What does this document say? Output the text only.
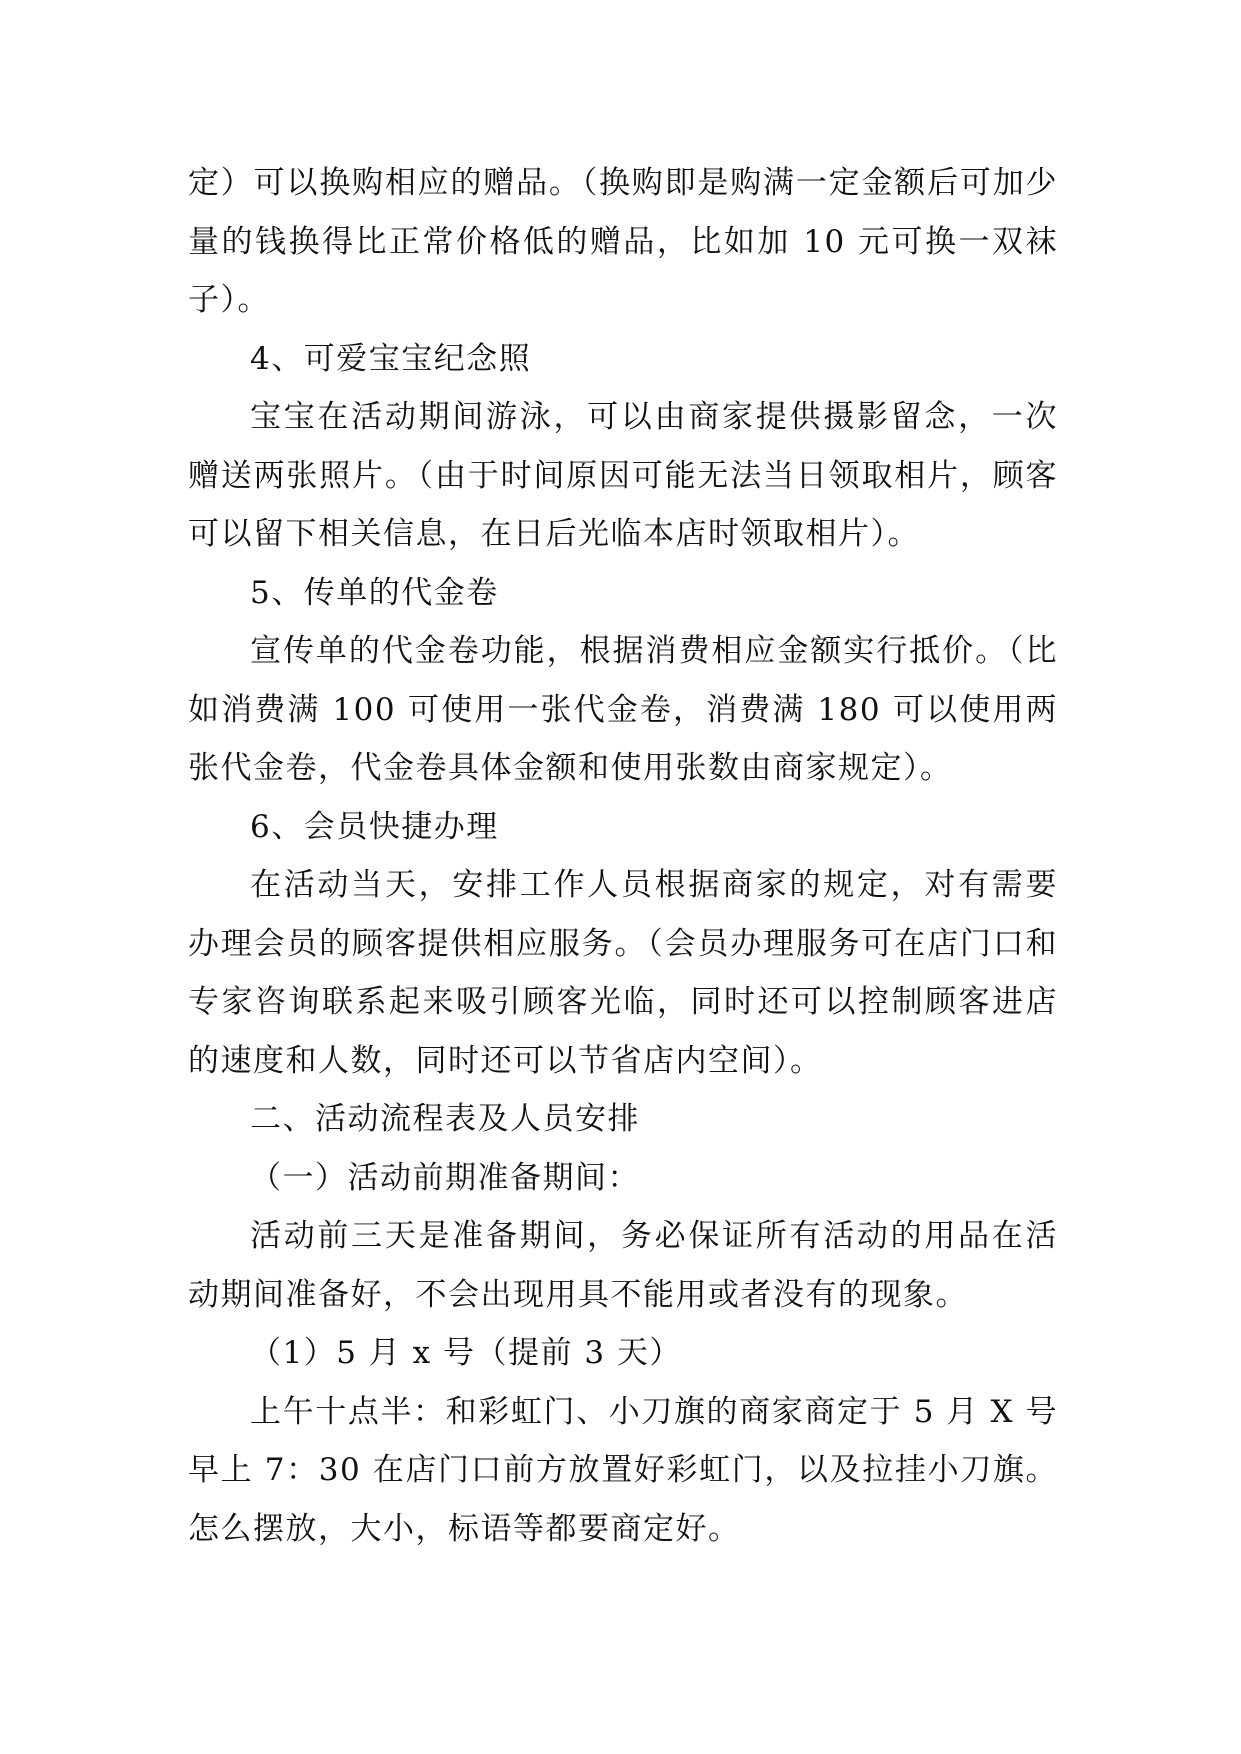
定）可以换购相应的赠品。（换购即是购满一定金额后可加少量的钱换得比正常价格低的赠品，比如加 10 元可换一双袜子）。

4、可爱宝宝纪念照

宝宝在活动期间游泳，可以由商家提供摄影留念，一次赠送两张照片。（由于时间原因可能无法当日领取相片，顾客可以留下相关信息，在日后光临本店时领取相片）。

5、传单的代金卷

宣传单的代金卷功能，根据消费相应金额实行抵价。（比如消费满 100 可使用一张代金卷，消费满 180 可以使用两张代金卷，代金卷具体金额和使用张数由商家规定）。

6、会员快捷办理

在活动当天，安排工作人员根据商家的规定，对有需要办理会员的顾客提供相应服务。（会员办理服务可在店门口和专家咨询联系起来吸引顾客光临，同时还可以控制顾客进店的速度和人数，同时还可以节省店内空间）。

二、活动流程表及人员安排

（一）活动前期准备期间：

活动前三天是准备期间，务必保证所有活动的用品在活动期间准备好，不会出现用具不能用或者没有的现象。

（1）5 月 x 号（提前 3 天）

上午十点半：和彩虹门、小刀旗的商家商定于 5 月 X 号早上 7：30 在店门口前方放置好彩虹门，以及拉挂小刀旗。怎么摆放，大小，标语等都要商定好。
